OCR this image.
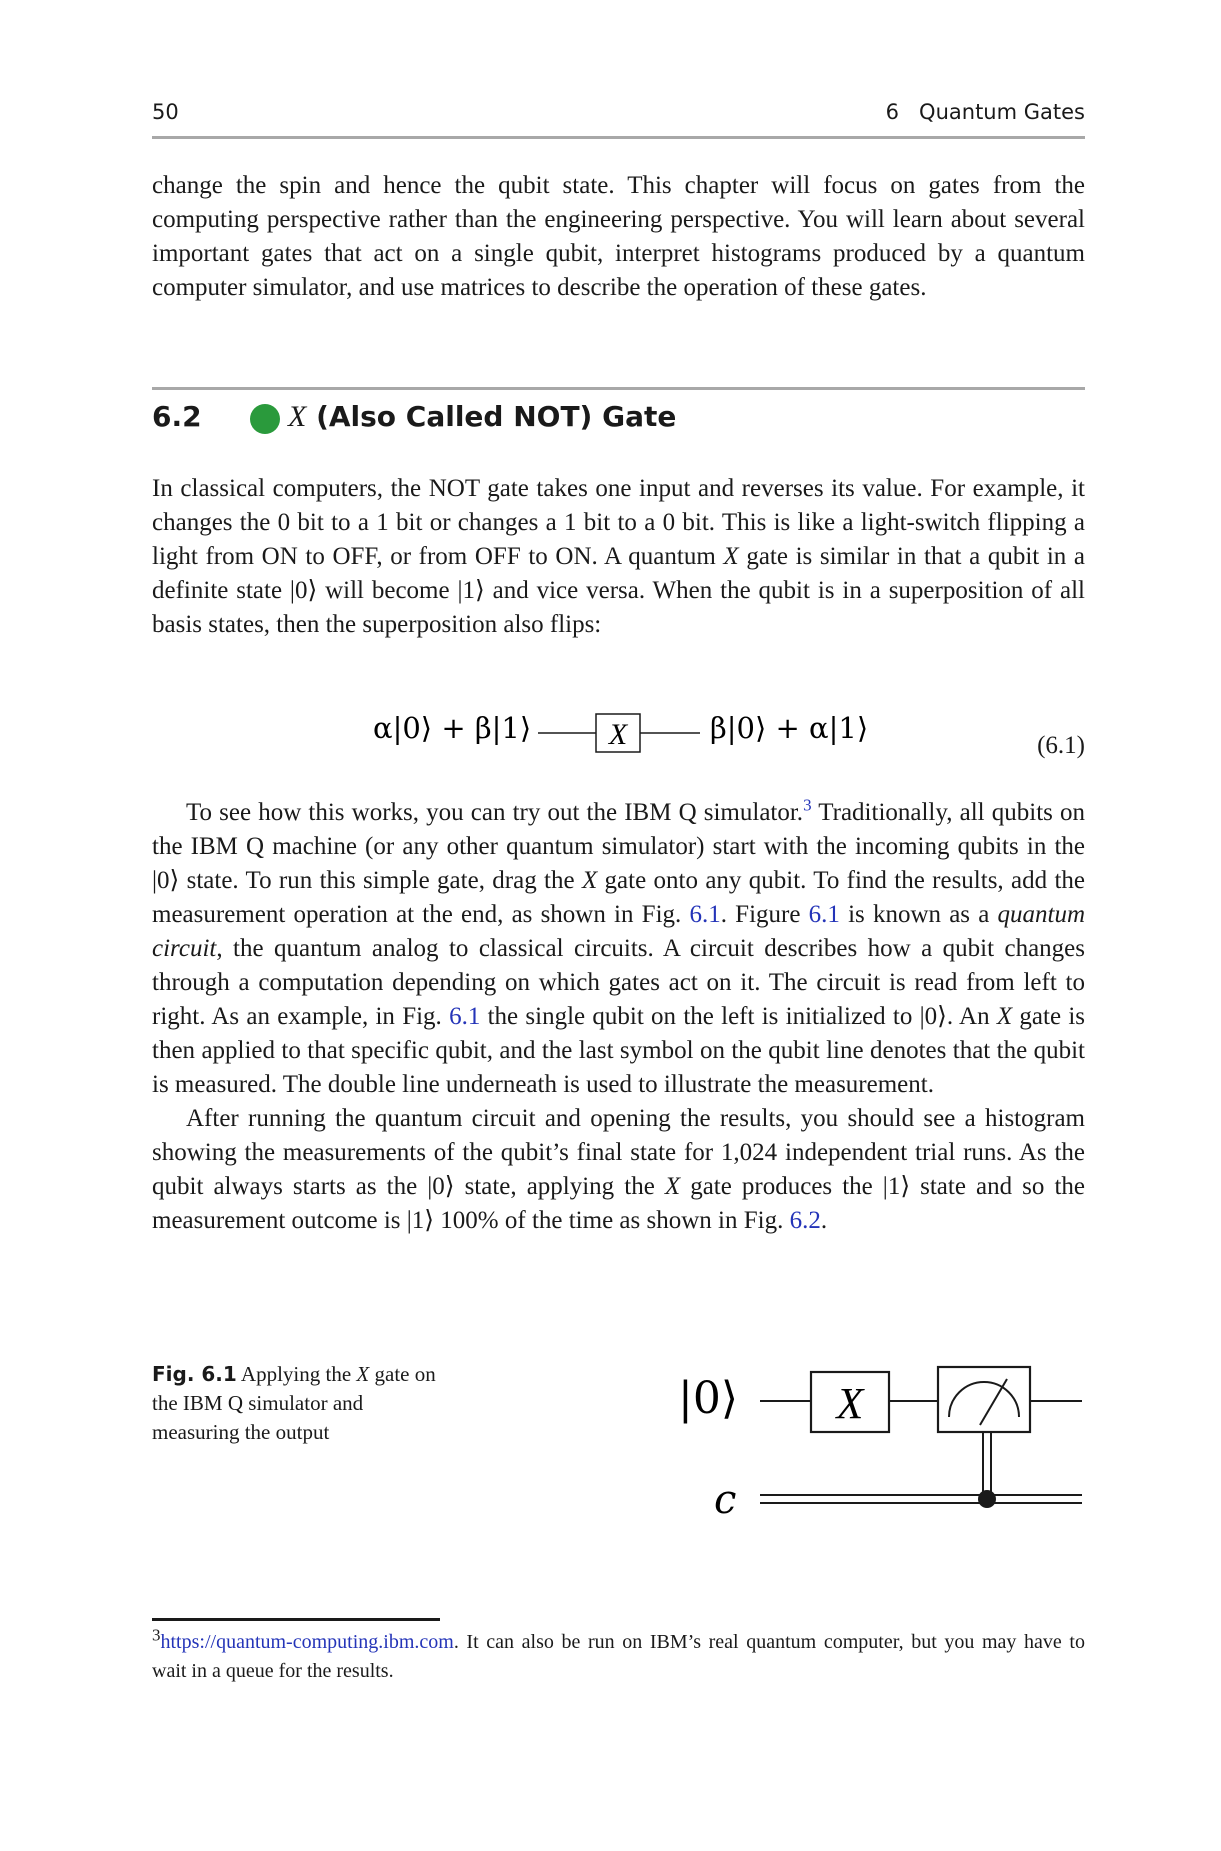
50	6   Quantum Gates

change the spin and hence the qubit state. This chapter will focus on gates from the computing perspective rather than the engineering perspective. You will learn about several important gates that act on a single qubit, interpret histograms produced by a quantum computer simulator, and use matrices to describe the operation of these gates.

6.2	X (Also Called NOT) Gate

In classical computers, the NOT gate takes one input and reverses its value. For example, it changes the 0 bit to a 1 bit or changes a 1 bit to a 0 bit. This is like a light-switch flipping a light from ON to OFF, or from OFF to ON. A quantum X gate is similar in that a qubit in a definite state |0⟩ will become |1⟩ and vice versa. When the qubit is in a superposition of all basis states, then the superposition also flips:

α|0⟩ + β|1⟩	X	β|0⟩ + α|1⟩
(6.1)

To see how this works, you can try out the IBM Q simulator.$^3$ Traditionally, all qubits on the IBM Q machine (or any other quantum simulator) start with the incoming qubits in the |0⟩ state. To run this simple gate, drag the X gate onto any qubit. To find the results, add the measurement operation at the end, as shown in Fig. 6.1. Figure 6.1 is known as a quantum circuit, the quantum analog to classical circuits. A circuit describes how a qubit changes through a computation depending on which gates act on it. The circuit is read from left to right. As an example, in Fig. 6.1 the single qubit on the left is initialized to |0⟩. An X gate is then applied to that specific qubit, and the last symbol on the qubit line denotes that the qubit is measured. The double line underneath is used to illustrate the measurement.

After running the quantum circuit and opening the results, you should see a histogram showing the measurements of the qubit’s final state for 1,024 independent trial runs. As the qubit always starts as the |0⟩ state, applying the X gate produces the |1⟩ state and so the measurement outcome is |1⟩ 100% of the time as shown in Fig. 6.2.

Fig. 6.1 Applying the X gate on the IBM Q simulator and measuring the output
|0⟩ X
c
$^3$https://quantum-computing.ibm.com. It can also be run on IBM’s real quantum computer, but you may have to wait in a queue for the results.
